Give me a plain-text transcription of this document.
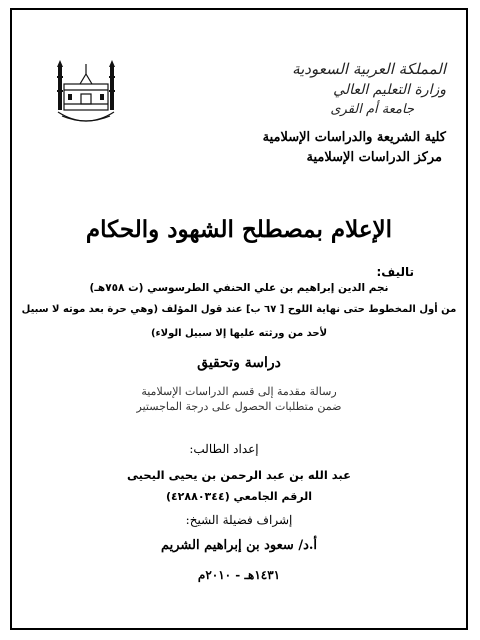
المملكة العربية السعودية
وزارة التعليم العالي
جامعة أم القرى
كلية الشريعة والدراسات الإسلامية
مركز الدراسات الإسلامية
الإعلام بمصطلح الشهود والحكام
تاليف:
نجم الدين إبراهيم بن علي الحنفي الطرسوسي (ت ٧٥٨هـ)
من أول المخطوط حتى نهاية اللوح [ ٦٧ ب] عند قول المؤلف (وهي حرة بعد موته لا سبيل
لأحد من ورثته عليها إلا سبيل الولاء)
دراسة وتحقيق
رسالة مقدمة إلى قسم الدراسات الإسلامية
ضمن متطلبات الحصول على درجة الماجستير
إعداد الطالب:
عبد الله بن عبد الرحمن بن يحيى اليحيى
الرقم الجامعي (٤٢٨٨٠٣٤٤)
إشراف فضيلة الشيخ:
أ.د/ سعود بن إبراهيم الشريم
١٤٣١هـ - ٢٠١٠م
